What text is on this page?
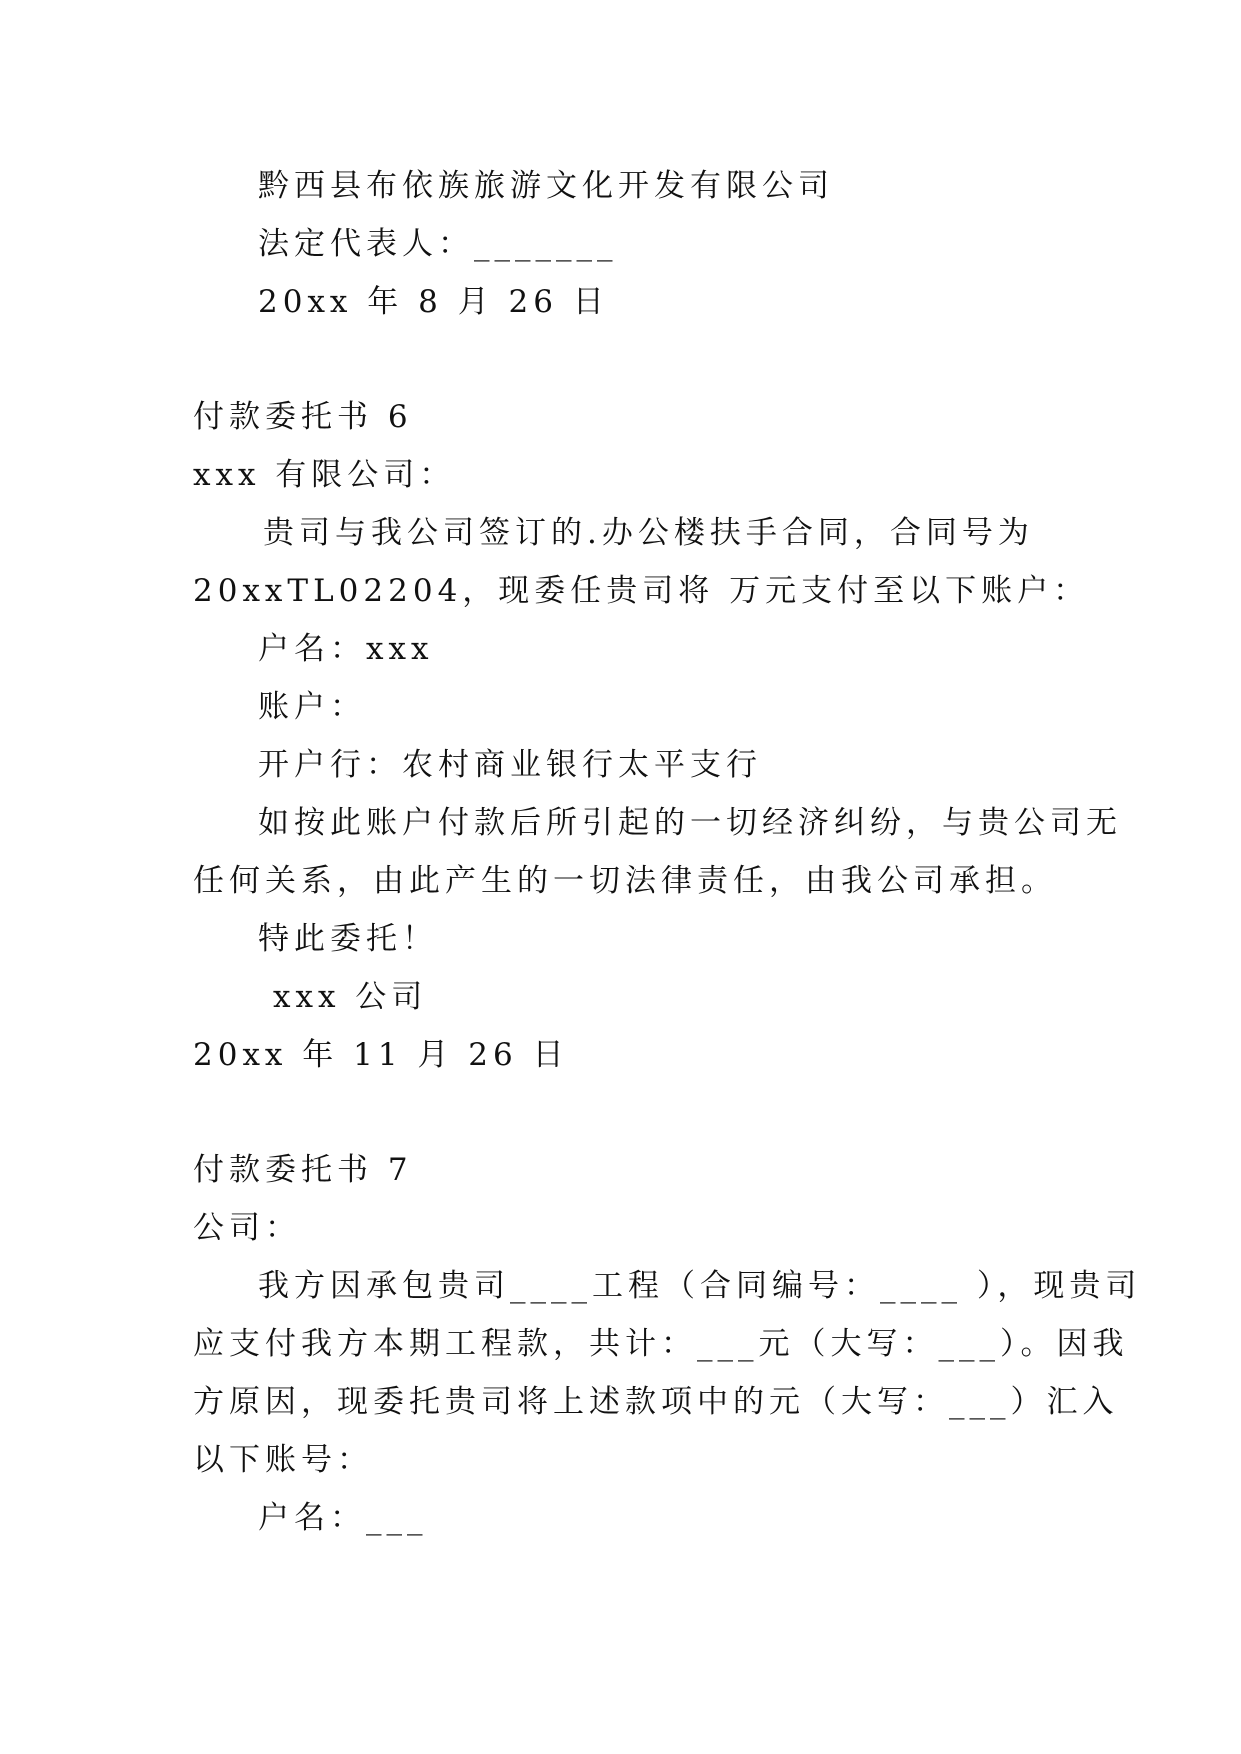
黔西县布依族旅游文化开发有限公司
法定代表人：_______
20xx 年 8 月 26 日
付款委托书 6
xxx 有限公司：
贵司与我公司签订的.办公楼扶手合同，合同号为
20xxTL02204，现委任贵司将 万元支付至以下账户：
户名：xxx
账户：
开户行：农村商业银行太平支行
如按此账户付款后所引起的一切经济纠纷，与贵公司无
任何关系，由此产生的一切法律责任，由我公司承担。
特此委托！
xxx 公司
20xx 年 11 月 26 日
付款委托书 7
公司：
我方因承包贵司____工程（合同编号：____ ），现贵司
应支付我方本期工程款，共计：___元（大写：___）。因我
方原因，现委托贵司将上述款项中的元（大写：___）汇入
以下账号：
户名：___
